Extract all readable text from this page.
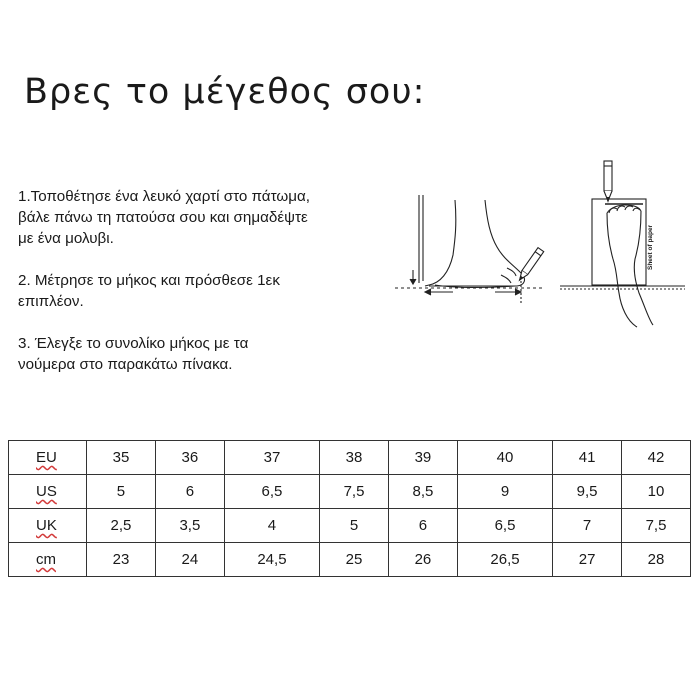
Βρες το μέγεθος σου:

1.Τοποθέτησε ένα λευκό χαρτί στο πάτωμα,
βάλε πάνω τη πατούσα σου και σημαδέψτε
με ένα μολυβι.

2. Μέτρησε το μήκος και πρόσθεσε 1εκ
επιπλέον.

3. Έλεγξε το συνολίκο μήκος με τα
νούμερα στο παρακάτω πίνακα.

Sheet of paper
EU	35	36	37	38	39	40	41	42
US	5	6	6,5	7,5	8,5	9	9,5	10
UK	2,5	3,5	4	5	6	6,5	7	7,5
cm	23	24	24,5	25	26	26,5	27	28
